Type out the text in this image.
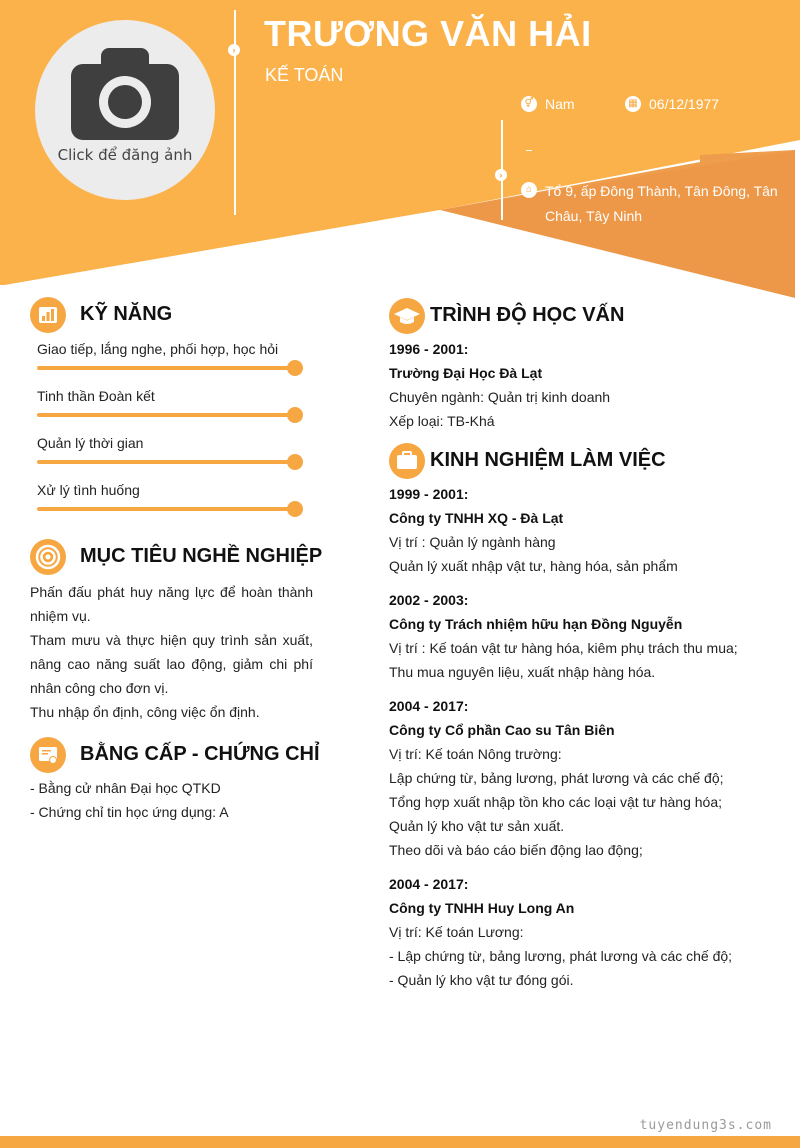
Click để đăng ảnh
› TRƯƠNG VĂN HẢI
KẾ TOÁN
›
⚥ Nam	▦ 06/12/1977
⌂ Tổ 9, ấp Đông Thành, Tân Đông, Tân
Châu, Tây Ninh
KỸ NĂNG
Giao tiếp, lắng nghe, phối hợp, học hỏi
Tinh thần Đoàn kết
Quản lý thời gian
Xử lý tình huống
MỤC TIÊU NGHỀ NGHIỆP
Phấn đấu phát huy năng lực để hoàn thành nhiệm vụ.
Tham mưu và thực hiện quy trình sản xuất, nâng cao năng suất lao động, giảm chi phí nhân công cho đơn vị.
Thu nhập ổn định, công việc ổn định.
BẰNG CẤP - CHỨNG CHỈ
- Bằng cử nhân Đại học QTKD
- Chứng chỉ tin học ứng dụng: A
TRÌNH ĐỘ HỌC VẤN
1996 - 2001:
Trường Đại Học Đà Lạt
Chuyên ngành: Quản trị kinh doanh
Xếp loại: TB-Khá
KINH NGHIỆM LÀM VIỆC
1999 - 2001:
Công ty TNHH XQ - Đà Lạt
Vị trí : Quản lý ngành hàng
Quản lý xuất nhập vật tư, hàng hóa, sản phẩm
2002 - 2003:
Công ty Trách nhiệm hữu hạn Đồng Nguyễn
Vị trí : Kế toán vật tư hàng hóa, kiêm phụ trách thu mua;
Thu mua nguyên liệu, xuất nhập hàng hóa.
2004 - 2017:
Công ty Cổ phần Cao su Tân Biên
Vị trí: Kế toán Nông trường:
Lập chứng từ, bảng lương, phát lương và các chế độ;
Tổng hợp xuất nhập tồn kho các loại vật tư hàng hóa;
Quản lý kho vật tư sản xuất.
Theo dõi và báo cáo biến động lao động;
2004 - 2017:
Công ty TNHH Huy Long An
Vị trí: Kế toán Lương:
- Lập chứng từ, bảng lương, phát lương và các chế độ;
- Quản lý kho vật tư đóng gói.
tuyendung3s.com
